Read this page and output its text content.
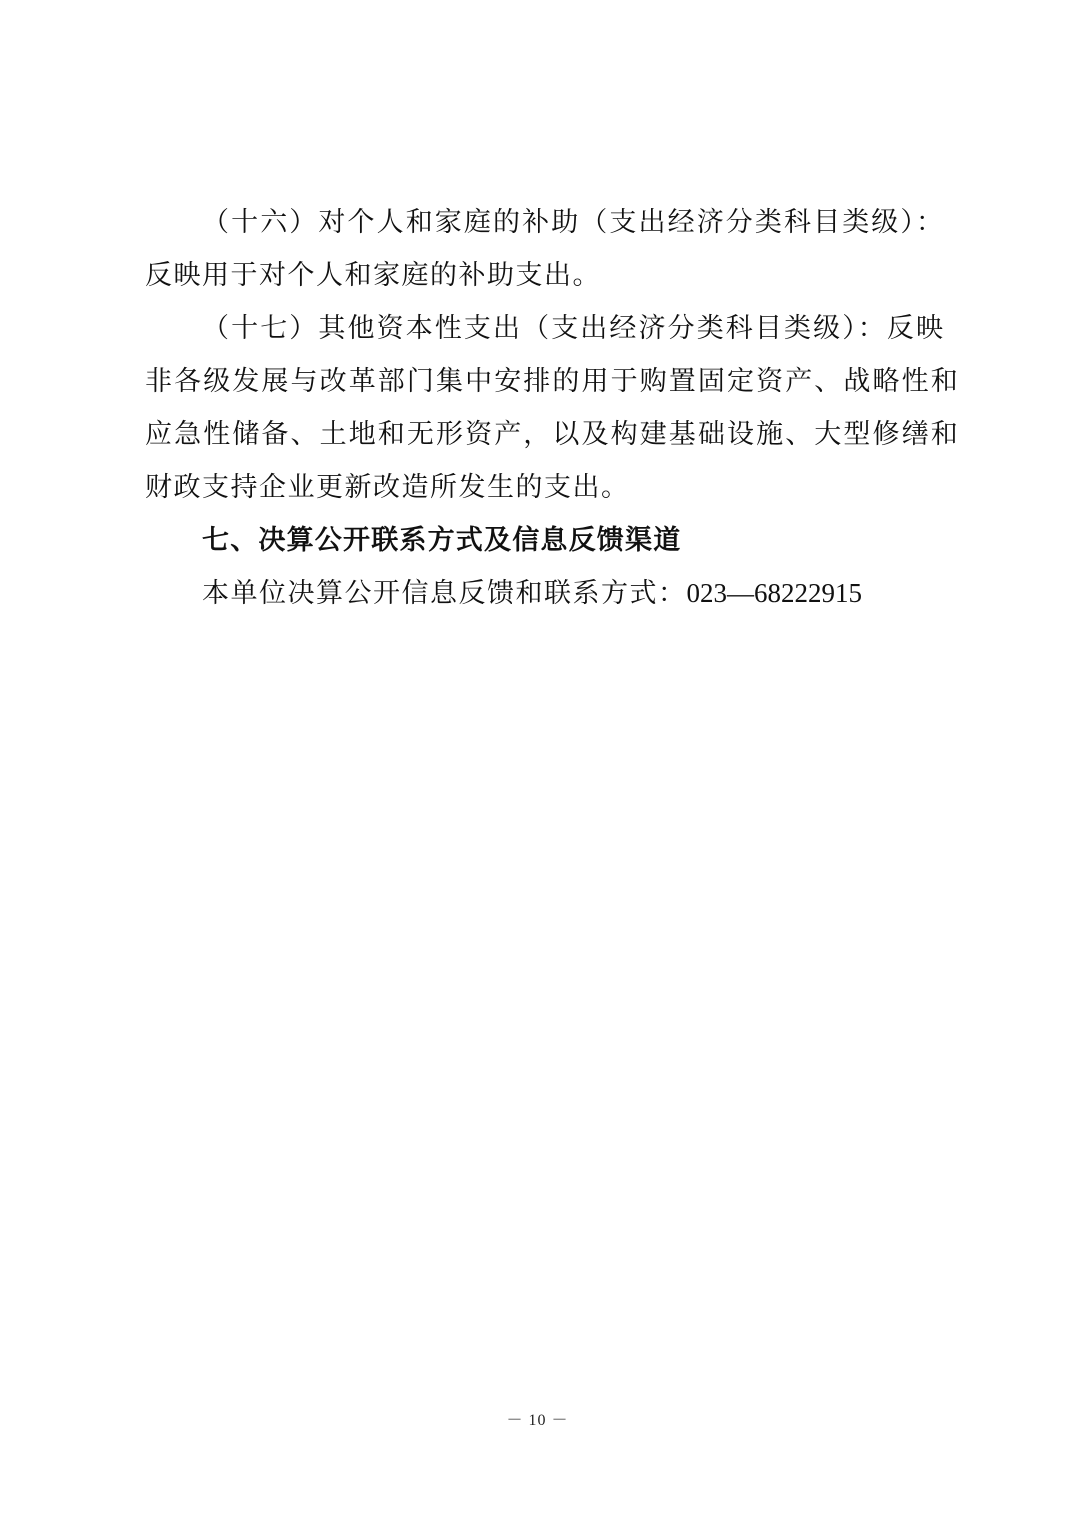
（十六）对个人和家庭的补助（支出经济分类科目类级）：
反映用于对个人和家庭的补助支出。
（十七）其他资本性支出（支出经济分类科目类级）：反映
非各级发展与改革部门集中安排的用于购置固定资产、战略性和
应急性储备、土地和无形资产，以及构建基础设施、大型修缮和
财政支持企业更新改造所发生的支出。
七、决算公开联系方式及信息反馈渠道
本单位决算公开信息反馈和联系方式：023—68222915
－ 10 －
